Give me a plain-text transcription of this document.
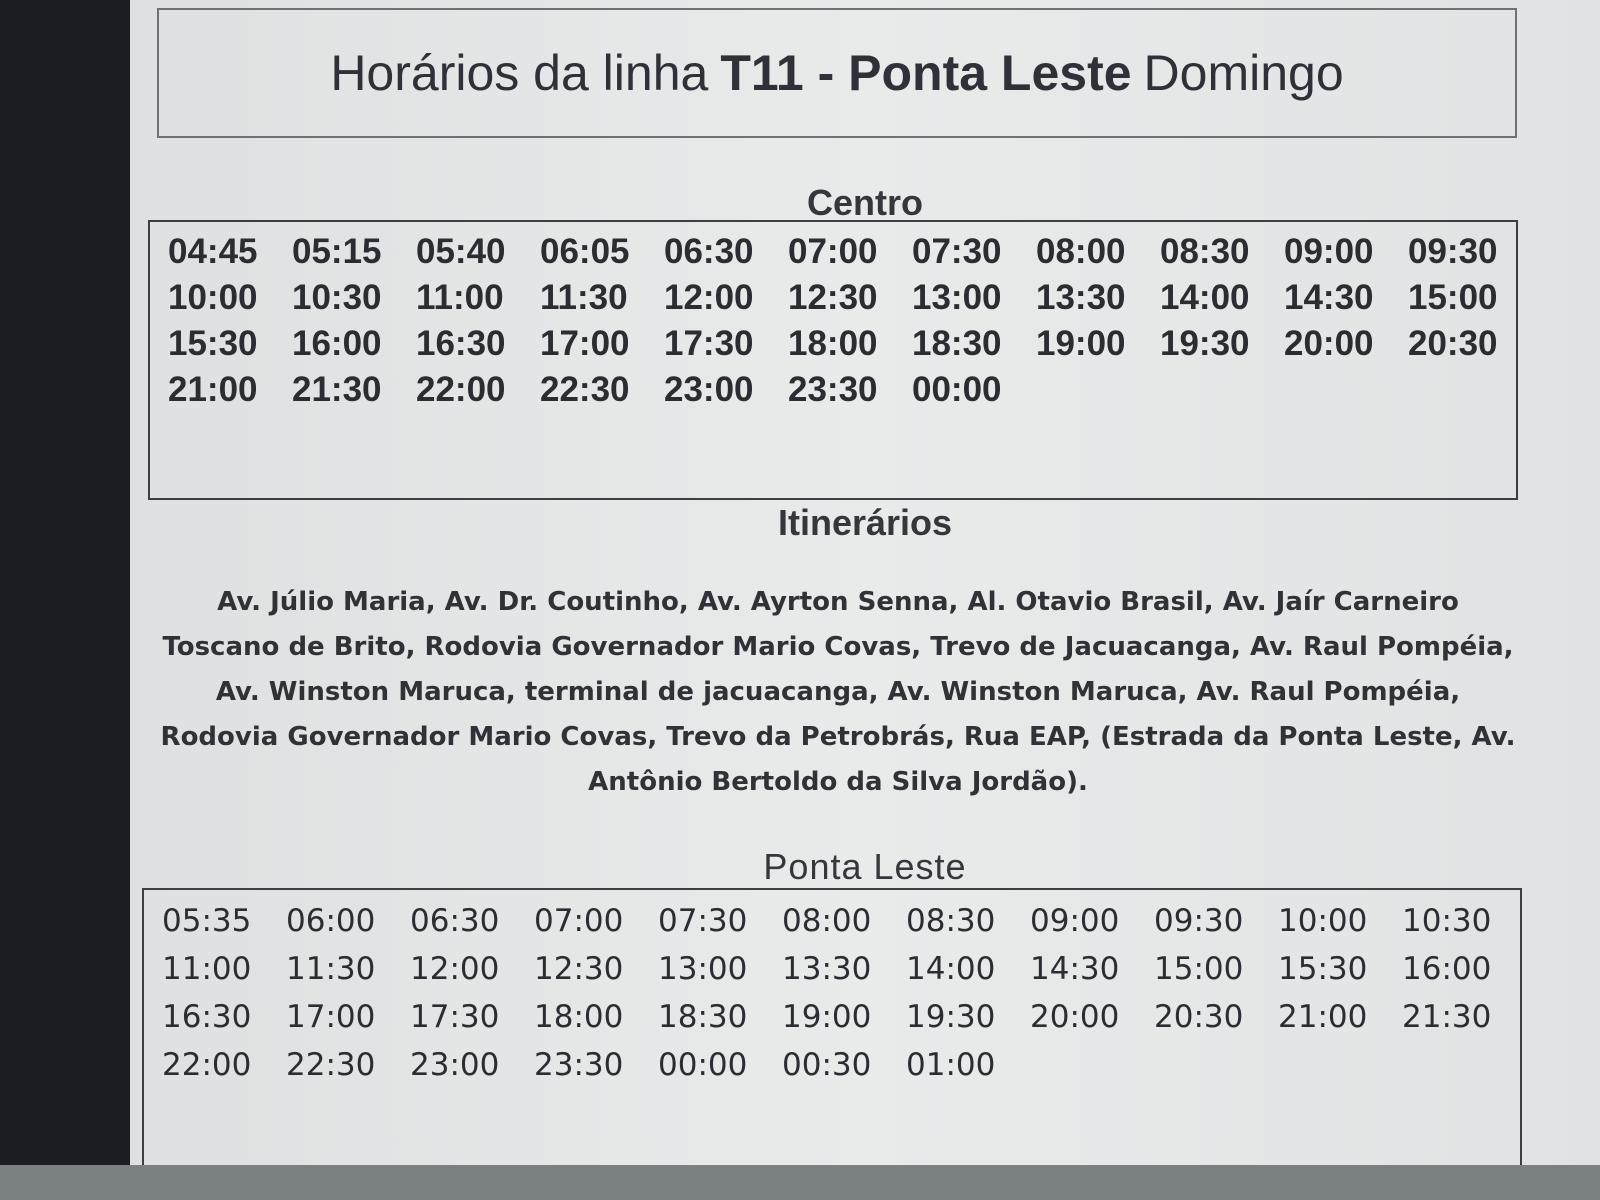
Horários da linha T11 - Ponta Leste Domingo
Centro
04:45 05:15 05:40 06:05 06:30 07:00 07:30 08:00 08:30 09:00 09:30
10:00 10:30 11:00	11:30	12:00 12:30 13:00 13:30 14:00 14:30 15:00
15:30 16:00 16:30 17:00 17:30 18:00 18:30 19:00 19:30 20:00 20:30
21:00 21:30 22:00 22:30 23:00 23:30 00:00
Itinerários
Av. Júlio Maria, Av. Dr. Coutinho, Av. Ayrton Senna, Al. Otavio Brasil, Av. Jaír Carneiro Toscano de Brito, Rodovia Governador Mario Covas, Trevo de Jacuacanga, Av. Raul Pompéia, Av. Winston Maruca, terminal de jacuacanga, Av. Winston Maruca, Av. Raul Pompéia, Rodovia Governador Mario Covas, Trevo da Petrobrás, Rua EAP, (Estrada da Ponta Leste, Av. Antônio Bertoldo da Silva Jordão).
Ponta Leste
05:35	06:00	06:30	07:00	07:30	08:00	08:30	09:00	09:30	10:00	10:30
11:00	11:30	12:00	12:30	13:00	13:30	14:00	14:30	15:00	15:30	16:00
16:30	17:00	17:30	18:00	18:30	19:00	19:30	20:00	20:30	21:00	21:30
22:00	22:30	23:00	23:30	00:00	00:30	01:00
